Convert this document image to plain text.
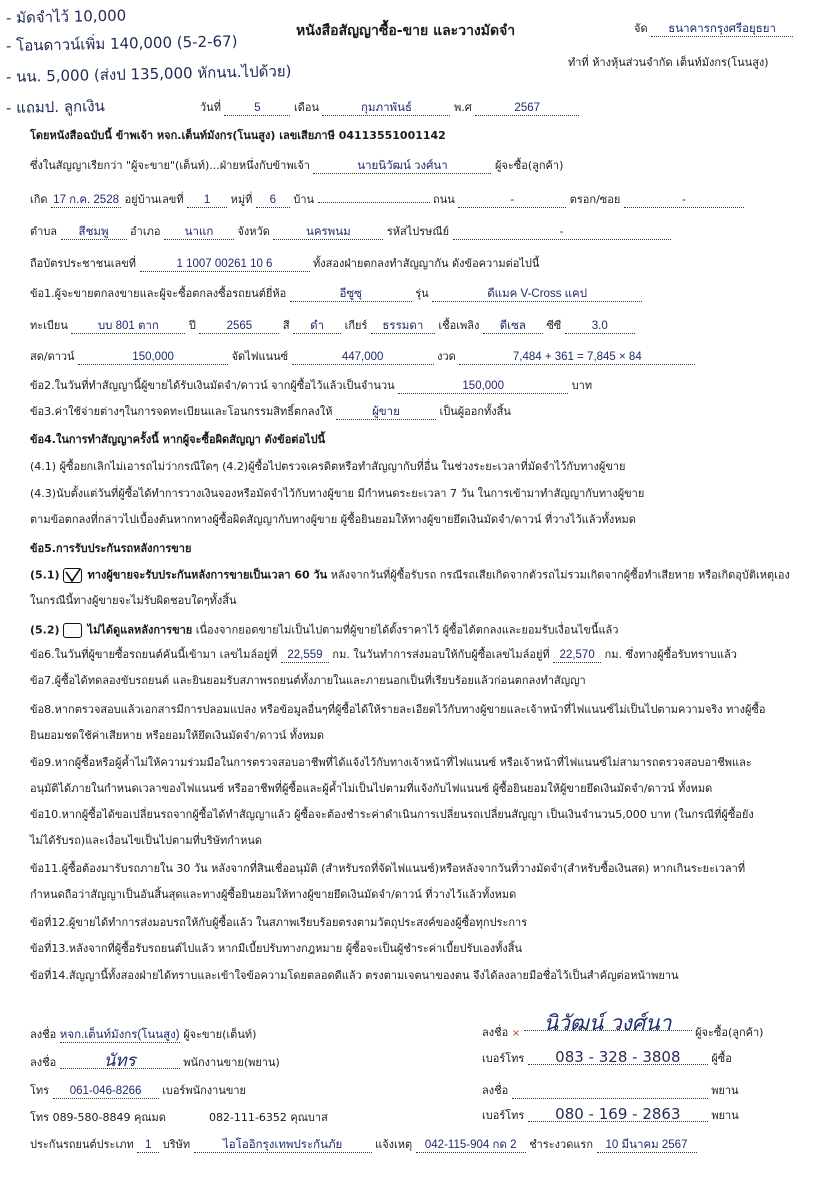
- มัดจำไว้ 10,000
- โอนดาวน์เพิ่ม 140,000 (5-2-67)
- นน. 5,000 (ส่งป 135,000 หักนน.ไปด้วย)
- แถมป. ลูกเงิน
หนังสือสัญญาซื้อ-ขาย และวางมัดจำ	จัด ธนาคารกรุงศรีอยุธยา
ทำที่ ห้างหุ้นส่วนจำกัด เต็นท์มังกร(โนนสูง)
วันที่	5	เดือน	กุมภาพันธ์	พ.ศ	2567
โดยหนังสือฉบับนี้ ข้าพเจ้า หจก.เต็นท์มังกร(โนนสูง) เลขเสียภาษี 04113551001142
ซึ่งในสัญญาเรียกว่า "ผู้จะขาย"(เต็นท์)...ฝ่ายหนึ่งกับข้าพเจ้า	นายนิวัฒน์ วงศ์นา	ผู้จะซื้อ(ลูกค้า)
เกิด 17 ก.ค. 2528 อยู่บ้านเลขที่ 1 หมู่ที่ 6 บ้าน	ถนน	-	ตรอก/ซอย	-
ตำบล สีชมพู อำเภอ นาแก จังหวัด	นครพนม	รหัสไปรษณีย์	-
ถือบัตรประชาชนเลขที่	1 1007 00261 10 6	ทั้งสองฝ่ายตกลงทำสัญญากัน ดังข้อความต่อไปนี้
ข้อ1.ผู้จะขายตกลงขายและผู้จะซื้อตกลงซื้อรถยนต์ยี่ห้อ	อีซูซุ	รุ่น	ดีแมค V-Cross แคป
ทะเบียน	บบ 801 ตาก	ปี	2565	สี ดำ เกียร์ ธรรมดา เชื้อเพลิง ดีเซล ซีซี	3.0
สด/ดาวน์	150,000	จัดไฟแนนซ์	447,000	งวด	7,484 + 361 = 7,845 × 84
ข้อ2.ในวันที่ทำสัญญานี้ผู้ขายได้รับเงินมัดจำ/ดาวน์ จากผู้ซื้อไว้แล้วเป็นจำนวน	150,000	บาท
ข้อ3.ค่าใช้จ่ายต่างๆในการจดทะเบียนและโอนกรรมสิทธิ์ตกลงให้	ผู้ขาย	เป็นผู้ออกทั้งสิ้น
ข้อ4.ในการทำสัญญาครั้งนี้ หากผู้จะซื้อผิดสัญญา ดังข้อต่อไปนี้
(4.1) ผู้ซื้อยกเลิกไม่เอารถไม่ว่ากรณีใดๆ (4.2)ผู้ซื้อไปตรวจเครดิตหรือทำสัญญากับที่อื่น ในช่วงระยะเวลาที่มัดจำไว้กับทางผู้ขาย
(4.3)นับตั้งแต่วันที่ผู้ซื้อได้ทำการวางเงินจองหรือมัดจำไว้กับทางผู้ขาย มีกำหนดระยะเวลา 7 วัน ในการเข้ามาทำสัญญากับทางผู้ขาย
ตามข้อตกลงที่กล่าวไปเบื้องต้นหากทางผู้ซื้อผิดสัญญากับทางผู้ขาย ผู้ซื้อยินยอมให้ทางผู้ขายยึดเงินมัดจำ/ดาวน์ ที่วางไว้แล้วทั้งหมด
ข้อ5.การรับประกันรถหลังการขาย
(5.1)	ทางผู้ขายจะรับประกันหลังการขายเป็นเวลา 60 วัน หลังจากวันที่ผู้ซื้อรับรถ กรณีรถเสียเกิดจากตัวรถไม่รวมเกิดจากผู้ซื้อทำเสียหาย หรือเกิดอุบัติเหตุเอง
ในกรณีนี้ทางผู้ขายจะไม่รับผิดชอบใดๆทั้งสิ้น
(5.2)	ไม่ได้ดูแลหลังการขาย เนื่องจากยอดขายไม่เป็นไปตามที่ผู้ขายได้ตั้งราคาไว้ ผู้ซื้อได้ตกลงและยอมรับเงื่อนไขนี้แล้ว
ข้อ6.ในวันที่ผู้ขายซื้อรถยนต์คันนี้เข้ามา เลขไมล์อยู่ที่ 22,559 กม. ในวันทำการส่งมอบให้กับผู้ซื้อเลขไมล์อยู่ที่ 22,570 กม. ซึ่งทางผู้ซื้อรับทราบแล้ว
ข้อ7.ผู้ซื้อได้ทดลองขับรถยนต์ และยินยอมรับสภาพรถยนต์ทั้งภายในและภายนอกเป็นที่เรียบร้อยแล้วก่อนตกลงทำสัญญา
ข้อ8.หากตรวจสอบแล้วเอกสารมีการปลอมแปลง หรือข้อมูลอื่นๆที่ผู้ซื้อได้ให้รายละเอียดไว้กับทางผู้ขายและเจ้าหน้าที่ไฟแนนซ์ไม่เป็นไปตามความจริง ทางผู้ซื้อ
ยินยอมชดใช้ค่าเสียหาย หรือยอมให้ยึดเงินมัดจำ/ดาวน์ ทั้งหมด
ข้อ9.หากผู้ซื้อหรือผู้ค้ำไม่ให้ความร่วมมือในการตรวจสอบอาชีพที่ได้แจ้งไว้กับทางเจ้าหน้าที่ไฟแนนซ์ หรือเจ้าหน้าที่ไฟแนนซ์ไม่สามารถตรวจสอบอาชีพและ
อนุมัติได้ภายในกำหนดเวลาของไฟแนนซ์ หรืออาชีพที่ผู้ซื้อและผู้ค้ำไม่เป็นไปตามที่แจ้งกับไฟแนนซ์ ผู้ซื้อยินยอมให้ผู้ขายยึดเงินมัดจำ/ดาวน์ ทั้งหมด
ข้อ10.หากผู้ซื้อได้ขอเปลี่ยนรถจากผู้ซื้อได้ทำสัญญาแล้ว ผู้ซื้อจะต้องชำระค่าดำเนินการเปลี่ยนรถเปลี่ยนสัญญา เป็นเงินจำนวน5,000 บาท (ในกรณีที่ผู้ซื้อยัง
ไม่ได้รับรถ)และเงื่อนไขเป็นไปตามที่บริษัทกำหนด
ข้อ11.ผู้ซื้อต้องมารับรถภายใน 30 วัน หลังจากที่สินเชื่ออนุมัติ (สำหรับรถที่จัดไฟแนนซ์)หรือหลังจากวันที่วางมัดจำ(สำหรับซื้อเงินสด) หากเกินระยะเวลาที่
กำหนดถือว่าสัญญาเป็นอันสิ้นสุดและทางผู้ซื้อยินยอมให้ทางผู้ขายยึดเงินมัดจำ/ดาวน์ ที่วางไว้แล้วทั้งหมด
ข้อที่12.ผู้ขายได้ทำการส่งมอบรถให้กับผู้ซื้อแล้ว ในสภาพเรียบร้อยตรงตามวัตถุประสงค์ของผู้ซื้อทุกประการ
ข้อที่13.หลังจากที่ผู้ซื้อรับรถยนต์ไปแล้ว หากมีเบี้ยปรับทางกฎหมาย ผู้ซื้อจะเป็นผู้ชำระค่าเบี้ยปรับเองทั้งสิ้น
ข้อที่14.สัญญานี้ทั้งสองฝ่ายได้ทราบและเข้าใจข้อความโดยตลอดดีแล้ว ตรงตามเจตนาของตน จึงได้ลงลายมือชื่อไว้เป็นสำคัญต่อหน้าพยาน
ลงชื่อ หจก.เต็นท์มังกร(โนนสูง) ผู้จะขาย(เต็นท์)	ลงชื่อ × นิวัฒน์ วงศ์นา ผู้จะซื้อ(ลูกค้า)
ลงชื่อ	นัทร	พนักงานขาย(พยาน)	เบอร์โทร 083 - 328 - 3808	ผู้ซื้อ
โทร 061-046-8266 เบอร์พนักงานขาย	ลงชื่อ	พยาน
โทร 089-580-8849 คุณมด	082-111-6352 คุณบาส	เบอร์โทร 080 - 169 - 2863	พยาน
ประกันรถยนต์ประเภท 1 บริษัท	ไอโออิกรุงเทพประกันภัย	แจ้งเหตุ 042-115-904 กด 2 ชำระงวดแรก 10 มีนาคม 2567
